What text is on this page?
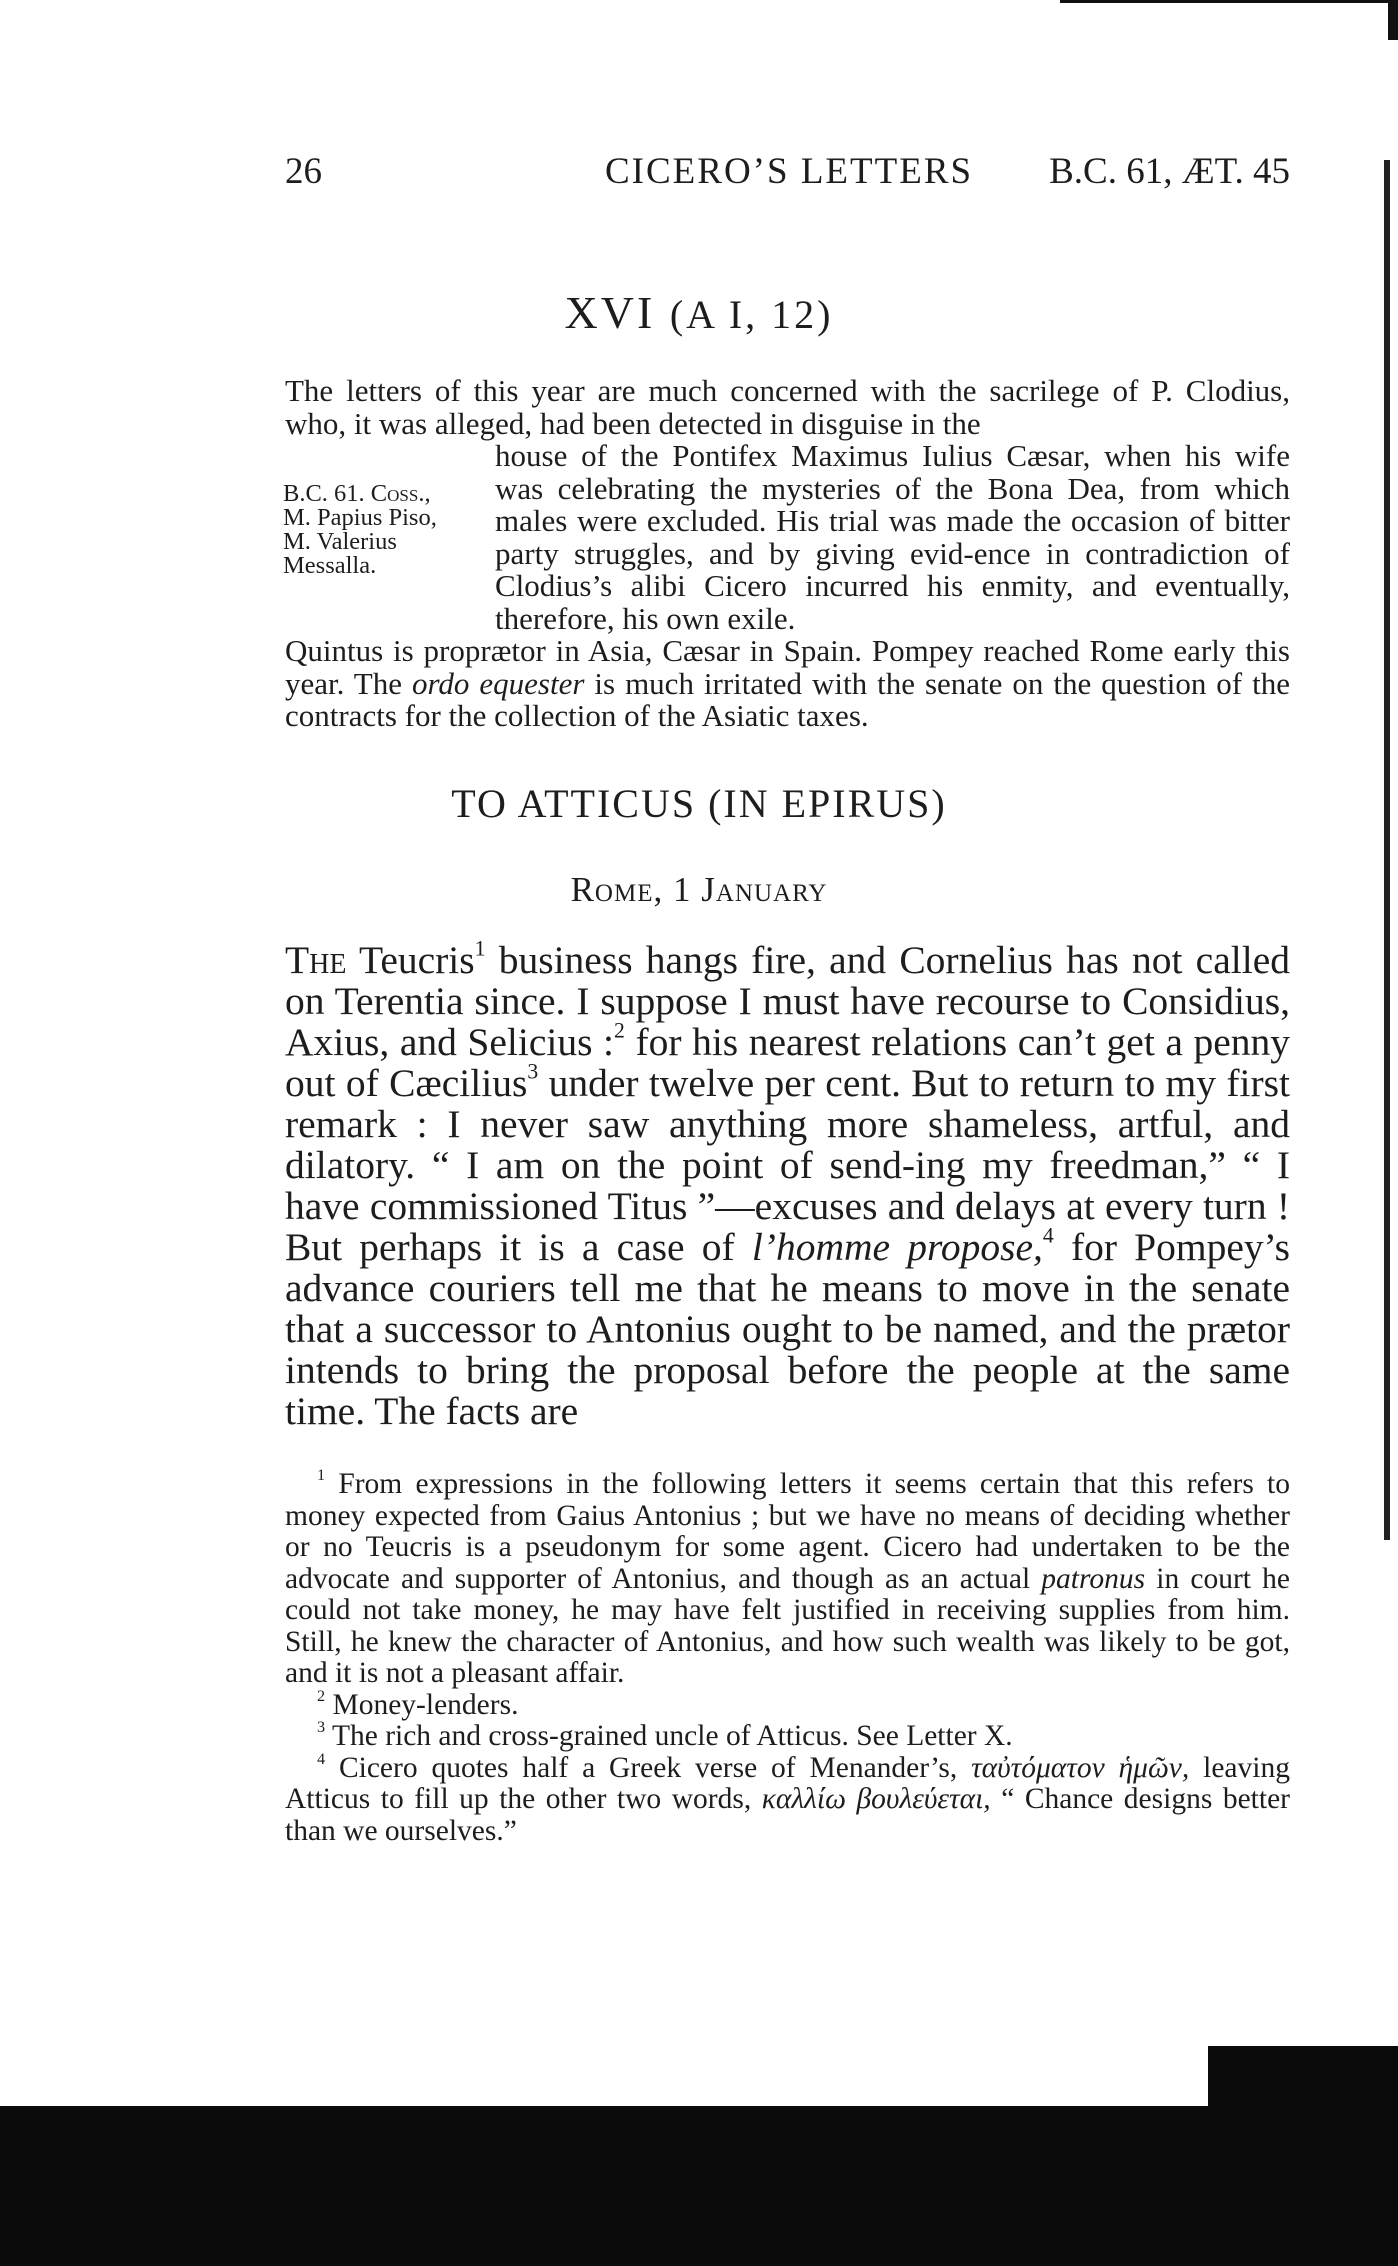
26	CICERO’S LETTERS B.C. 61, ÆT. 45
XVI (A I, 12)

The letters of this year are much concerned with the sacrilege of P. Clodius, who, it was alleged, had been detected in disguise in the

house of the Pontifex Maximus Iulius Cæsar, when his wife was celebrating the mysteries of the Bona Dea, from which males were excluded. His trial was made the occasion of bitter party struggles, and by giving evid-ence in contradiction of Clodius’s alibi Cicero incurred his enmity, and eventually, therefore, his own exile.

Quintus is proprætor in Asia, Cæsar in Spain. Pompey reached Rome early this year. The ordo equester is much irritated with the senate on the question of the contracts for the collection of the Asiatic taxes.

B.C. 61. Coss.,
M. Papius Piso,
M. Valerius
Messalla.
TO ATTICUS (IN EPIRUS)
Rome, 1 January

The Teucris$^1$ business hangs fire, and Cornelius has not called on Terentia since. I suppose I must have recourse to Considius, Axius, and Selicius :$^2$ for his nearest relations can’t get a penny out of Cæcilius$^3$ under twelve per cent. But to return to my first remark : I never saw anything more shameless, artful, and dilatory. “ I am on the point of send-ing my freedman,” “ I have commissioned Titus ”—excuses and delays at every turn ! But perhaps it is a case of l’homme propose,$^4$ for Pompey’s advance couriers tell me that he means to move in the senate that a successor to Antonius ought to be named, and the prætor intends to bring the proposal before the people at the same time. The facts are

$^1$ From expressions in the following letters it seems certain that this refers to money expected from Gaius Antonius ; but we have no means of deciding whether or no Teucris is a pseudonym for some agent. Cicero had undertaken to be the advocate and supporter of Antonius, and though as an actual patronus in court he could not take money, he may have felt justified in receiving supplies from him. Still, he knew the character of Antonius, and how such wealth was likely to be got, and it is not a pleasant affair.

$^2$ Money-lenders.

$^3$ The rich and cross-grained uncle of Atticus. See Letter X.

$^4$ Cicero quotes half a Greek verse of Menander’s, ταὐτόματον ἡμῶν, leaving Atticus to fill up the other two words, καλλίω βουλεύεται, “ Chance designs better than we ourselves.”
